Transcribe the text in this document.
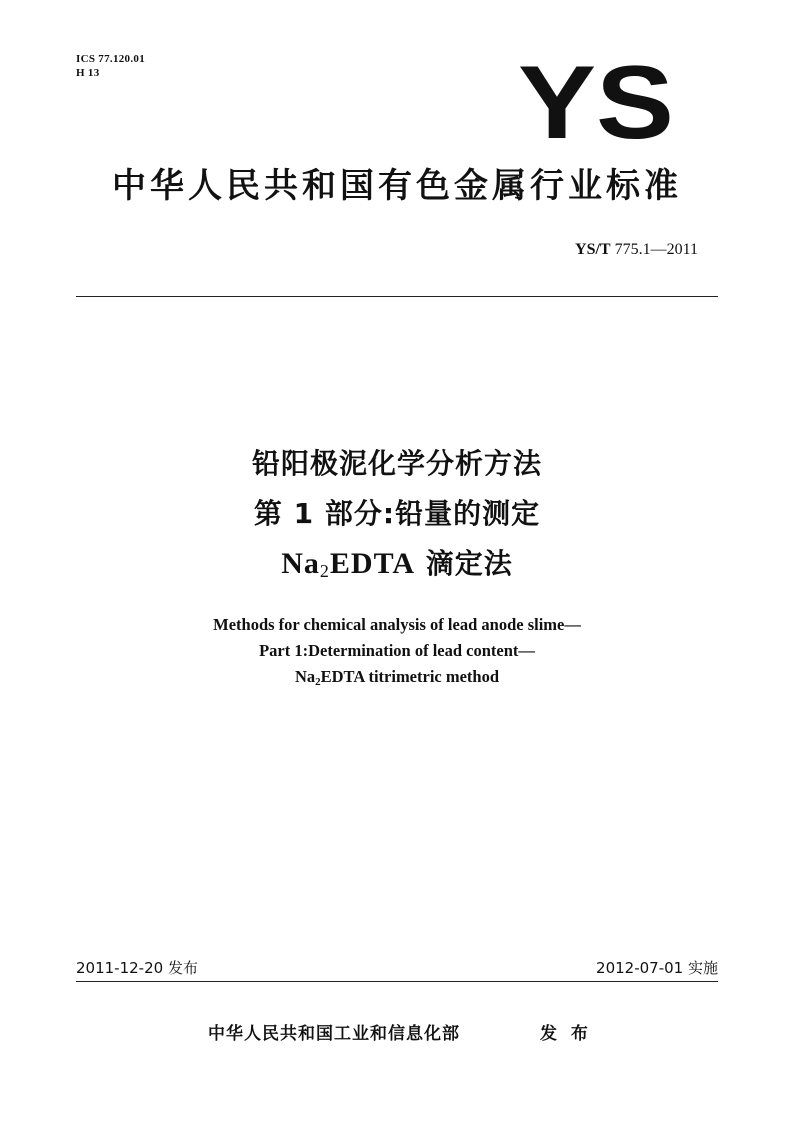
ICS 77.120.01
H 13	YS
中华人民共和国有色金属行业标准
YS/T 775.1—2011
铅阳极泥化学分析方法
第 1 部分:铅量的测定
$Na_2EDTA$ 滴定法
Methods for chemical analysis of lead anode slime—
Part 1:Determination of lead content—
Na2EDTA titrimetric method
2011-12-20 发布	2012-07-01 实施
中华人民共和国工业和信息化部	发 布
